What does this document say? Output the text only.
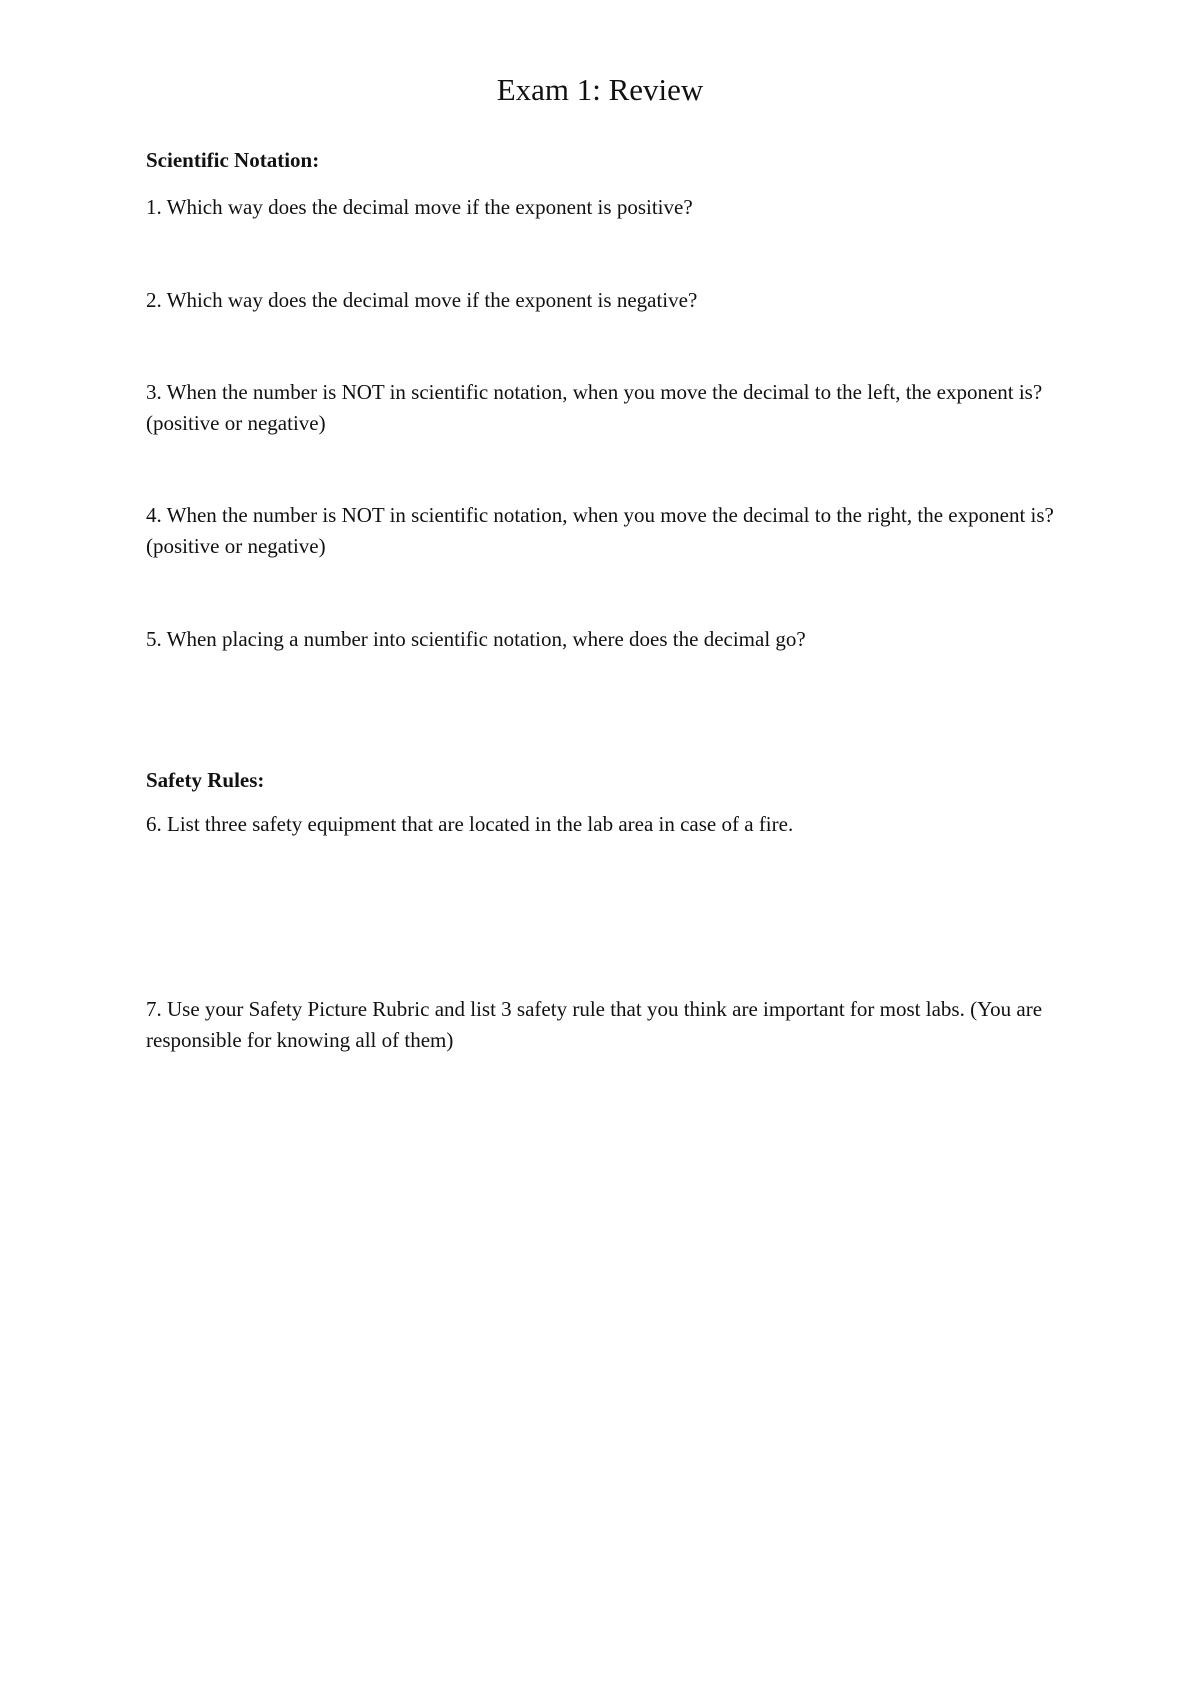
Exam 1: Review

Scientific Notation:

1. Which way does the decimal move if the exponent is positive?

2. Which way does the decimal move if the exponent is negative?

3. When the number is NOT in scientific notation, when you move the decimal to the left, the exponent is? (positive or negative)

4. When the number is NOT in scientific notation, when you move the decimal to the right, the exponent is? (positive or negative)

5. When placing a number into scientific notation, where does the decimal go?

Safety Rules:

6. List three safety equipment that are located in the lab area in case of a fire.

7. Use your Safety Picture Rubric and list 3 safety rule that you think are important for most labs. (You are responsible for knowing all of them)
